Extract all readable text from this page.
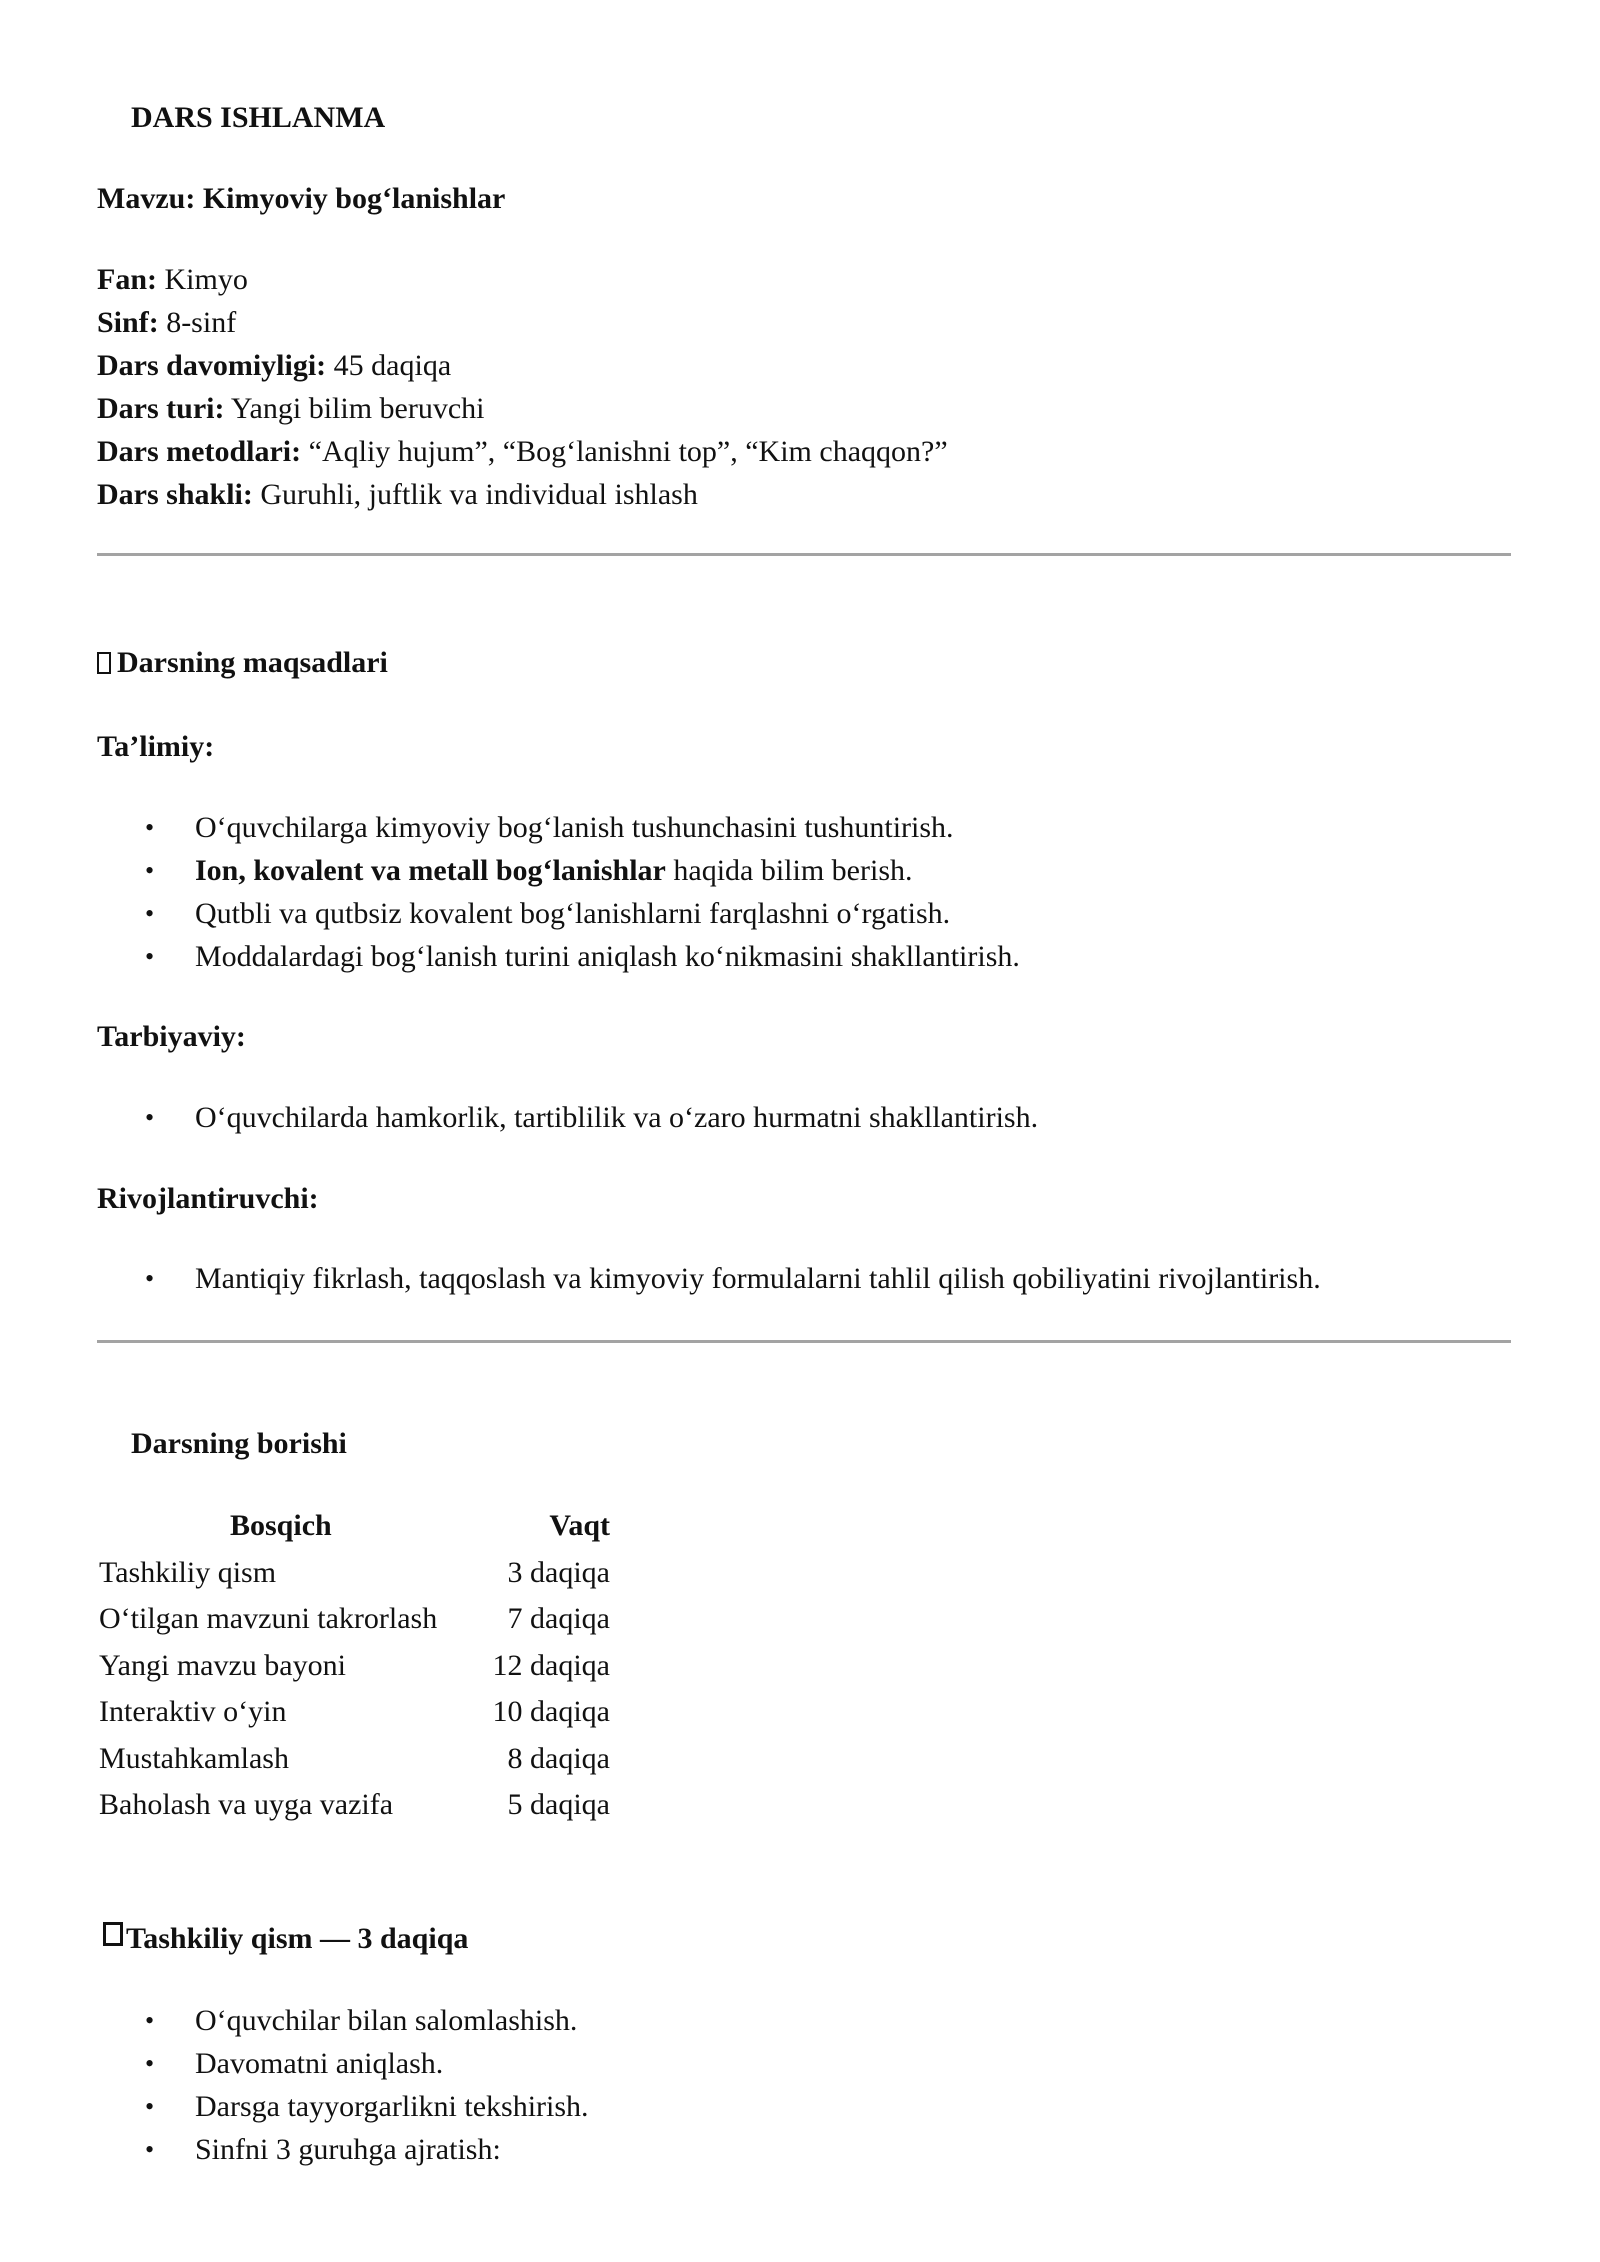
DARS ISHLANMA
Mavzu: Kimyoviy bog‘lanishlar
Fan: Kimyo
Sinf: 8-sinf
Dars davomiyligi: 45 daqiqa
Dars turi: Yangi bilim beruvchi
Dars metodlari: “Aqliy hujum”, “Bog‘lanishni top”, “Kim chaqqon?”
Dars shakli: Guruhli, juftlik va individual ishlash
Darsning maqsadlari
Ta’limiy:
• O‘quvchilarga kimyoviy bog‘lanish tushunchasini tushuntirish.
• Ion, kovalent va metall bog‘lanishlar haqida bilim berish.
• Qutbli va qutbsiz kovalent bog‘lanishlarni farqlashni o‘rgatish.
• Moddalardagi bog‘lanish turini aniqlash ko‘nikmasini shakllantirish.
Tarbiyaviy:
• O‘quvchilarda hamkorlik, tartiblilik va o‘zaro hurmatni shakllantirish.
Rivojlantiruvchi:
• Mantiqiy fikrlash, taqqoslash va kimyoviy formulalarni tahlil qilish qobiliyatini rivojlantirish.
Darsning borishi
Bosqich	Vaqt
Tashkiliy qism	3 daqiqa
O‘tilgan mavzuni takrorlash	7 daqiqa
Yangi mavzu bayoni	12 daqiqa
Interaktiv o‘yin	10 daqiqa
Mustahkamlash	8 daqiqa
Baholash va uyga vazifa	5 daqiqa
Tashkiliy qism — 3 daqiqa
• O‘quvchilar bilan salomlashish.
• Davomatni aniqlash.
• Darsga tayyorgarlikni tekshirish.
• Sinfni 3 guruhga ajratish:
